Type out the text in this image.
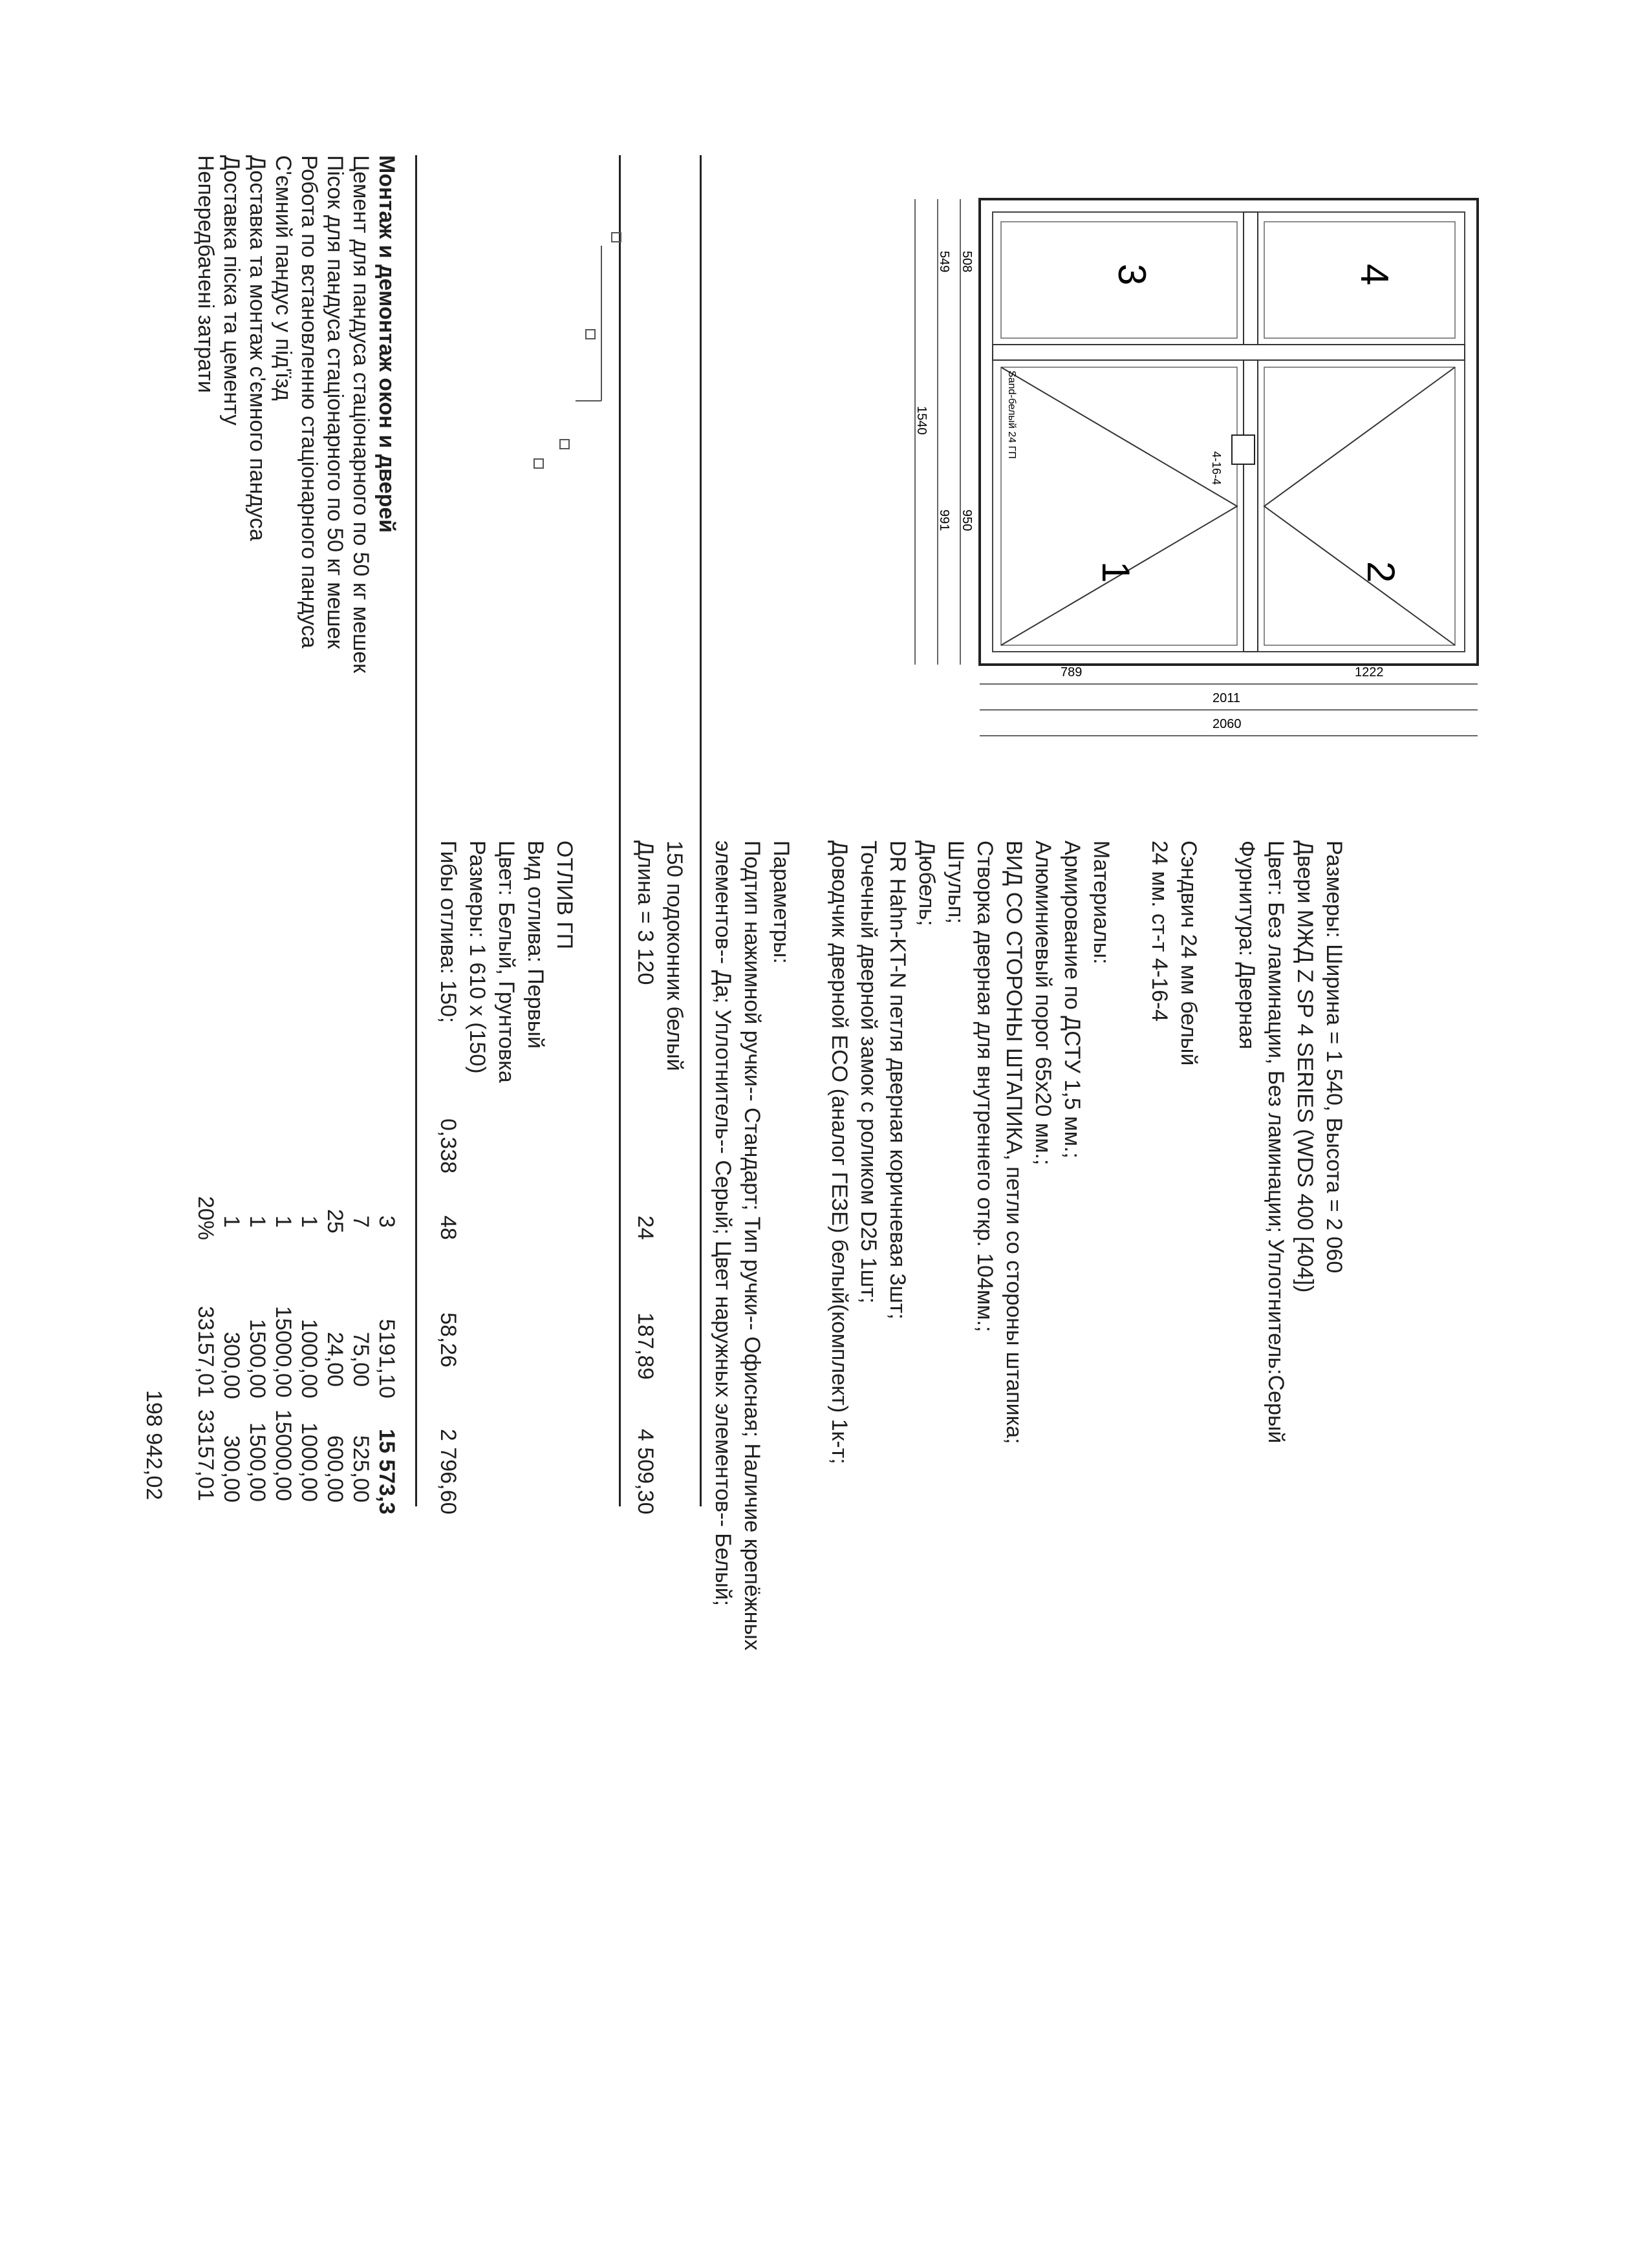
4
3
2
1
4-16-4
Sand-белый 24 ГП
789	1222
2011
2060
508
549
950
991
1540
Размеры: Ширина = 1 540, Высота = 2 060
Двери МЖД Z SP 4 SERIES (WDS 400 [404])
Цвет: Без ламинации, Без ламинации; Уплотнитель:Серый
Фурнитура: Дверная
Сэндвич 24 мм белый
24 мм. ст-т 4-16-4
Материалы:
Армирование по ДСТУ 1,5 мм.;
Алюминиевый порог 65х20 мм.;
ВИД СО СТОРОНЫ ШТАПИКА, петли со стороны штапика;
Створка дверная для внутреннего откр. 104мм.;
Штульп;
Дюбель;
DR Hahn-KT-N петля дверная коричневая 3шт;
Точечный дверной замок с роликом D25 1шт;
Доводчик дверной ECO (аналог ГЕЗЕ) белый(комплект) 1к-т;
Параметры:
Подтип нажимной ручки-- Стандарт; Тип ручки-- Офисная; Наличие крепёжных
элементов-- Да; Уплотнитель-- Серый; Цвет наружных элементов-- Белый;
150 подоконник белый
Длина = 3 120
24
187,89
4 509,30
ОТЛИВ ГП
Вид отлива: Первый
Цвет: Белый, Грунтовка
Размеры: 1 610 х (150)
Гибы отлива: 150;
0,338
48
58,26
2 796,60
Монтаж и демонтаж окон и дверей
3
5191,10
15 573,3
Цемент для пандуса стаціонарного по 50 кг мешек
7
75,00
525,00
Пісок для пандуса стаціонарного по 50 кг мешек
25
24,00
600,00
Робота по встановленню стаціонарного пандуса
1
1000,00
1000,00
С'ємний пандус у під'їзд
1
15000,00
15000,00
Доставка та монтаж с'ємного пандуса
1
1500,00
1500,00
Доставка піска та цементу
1
300,00
300,00
Непередбачені затрати
20%
33157,01
33157,01
198 942,02
